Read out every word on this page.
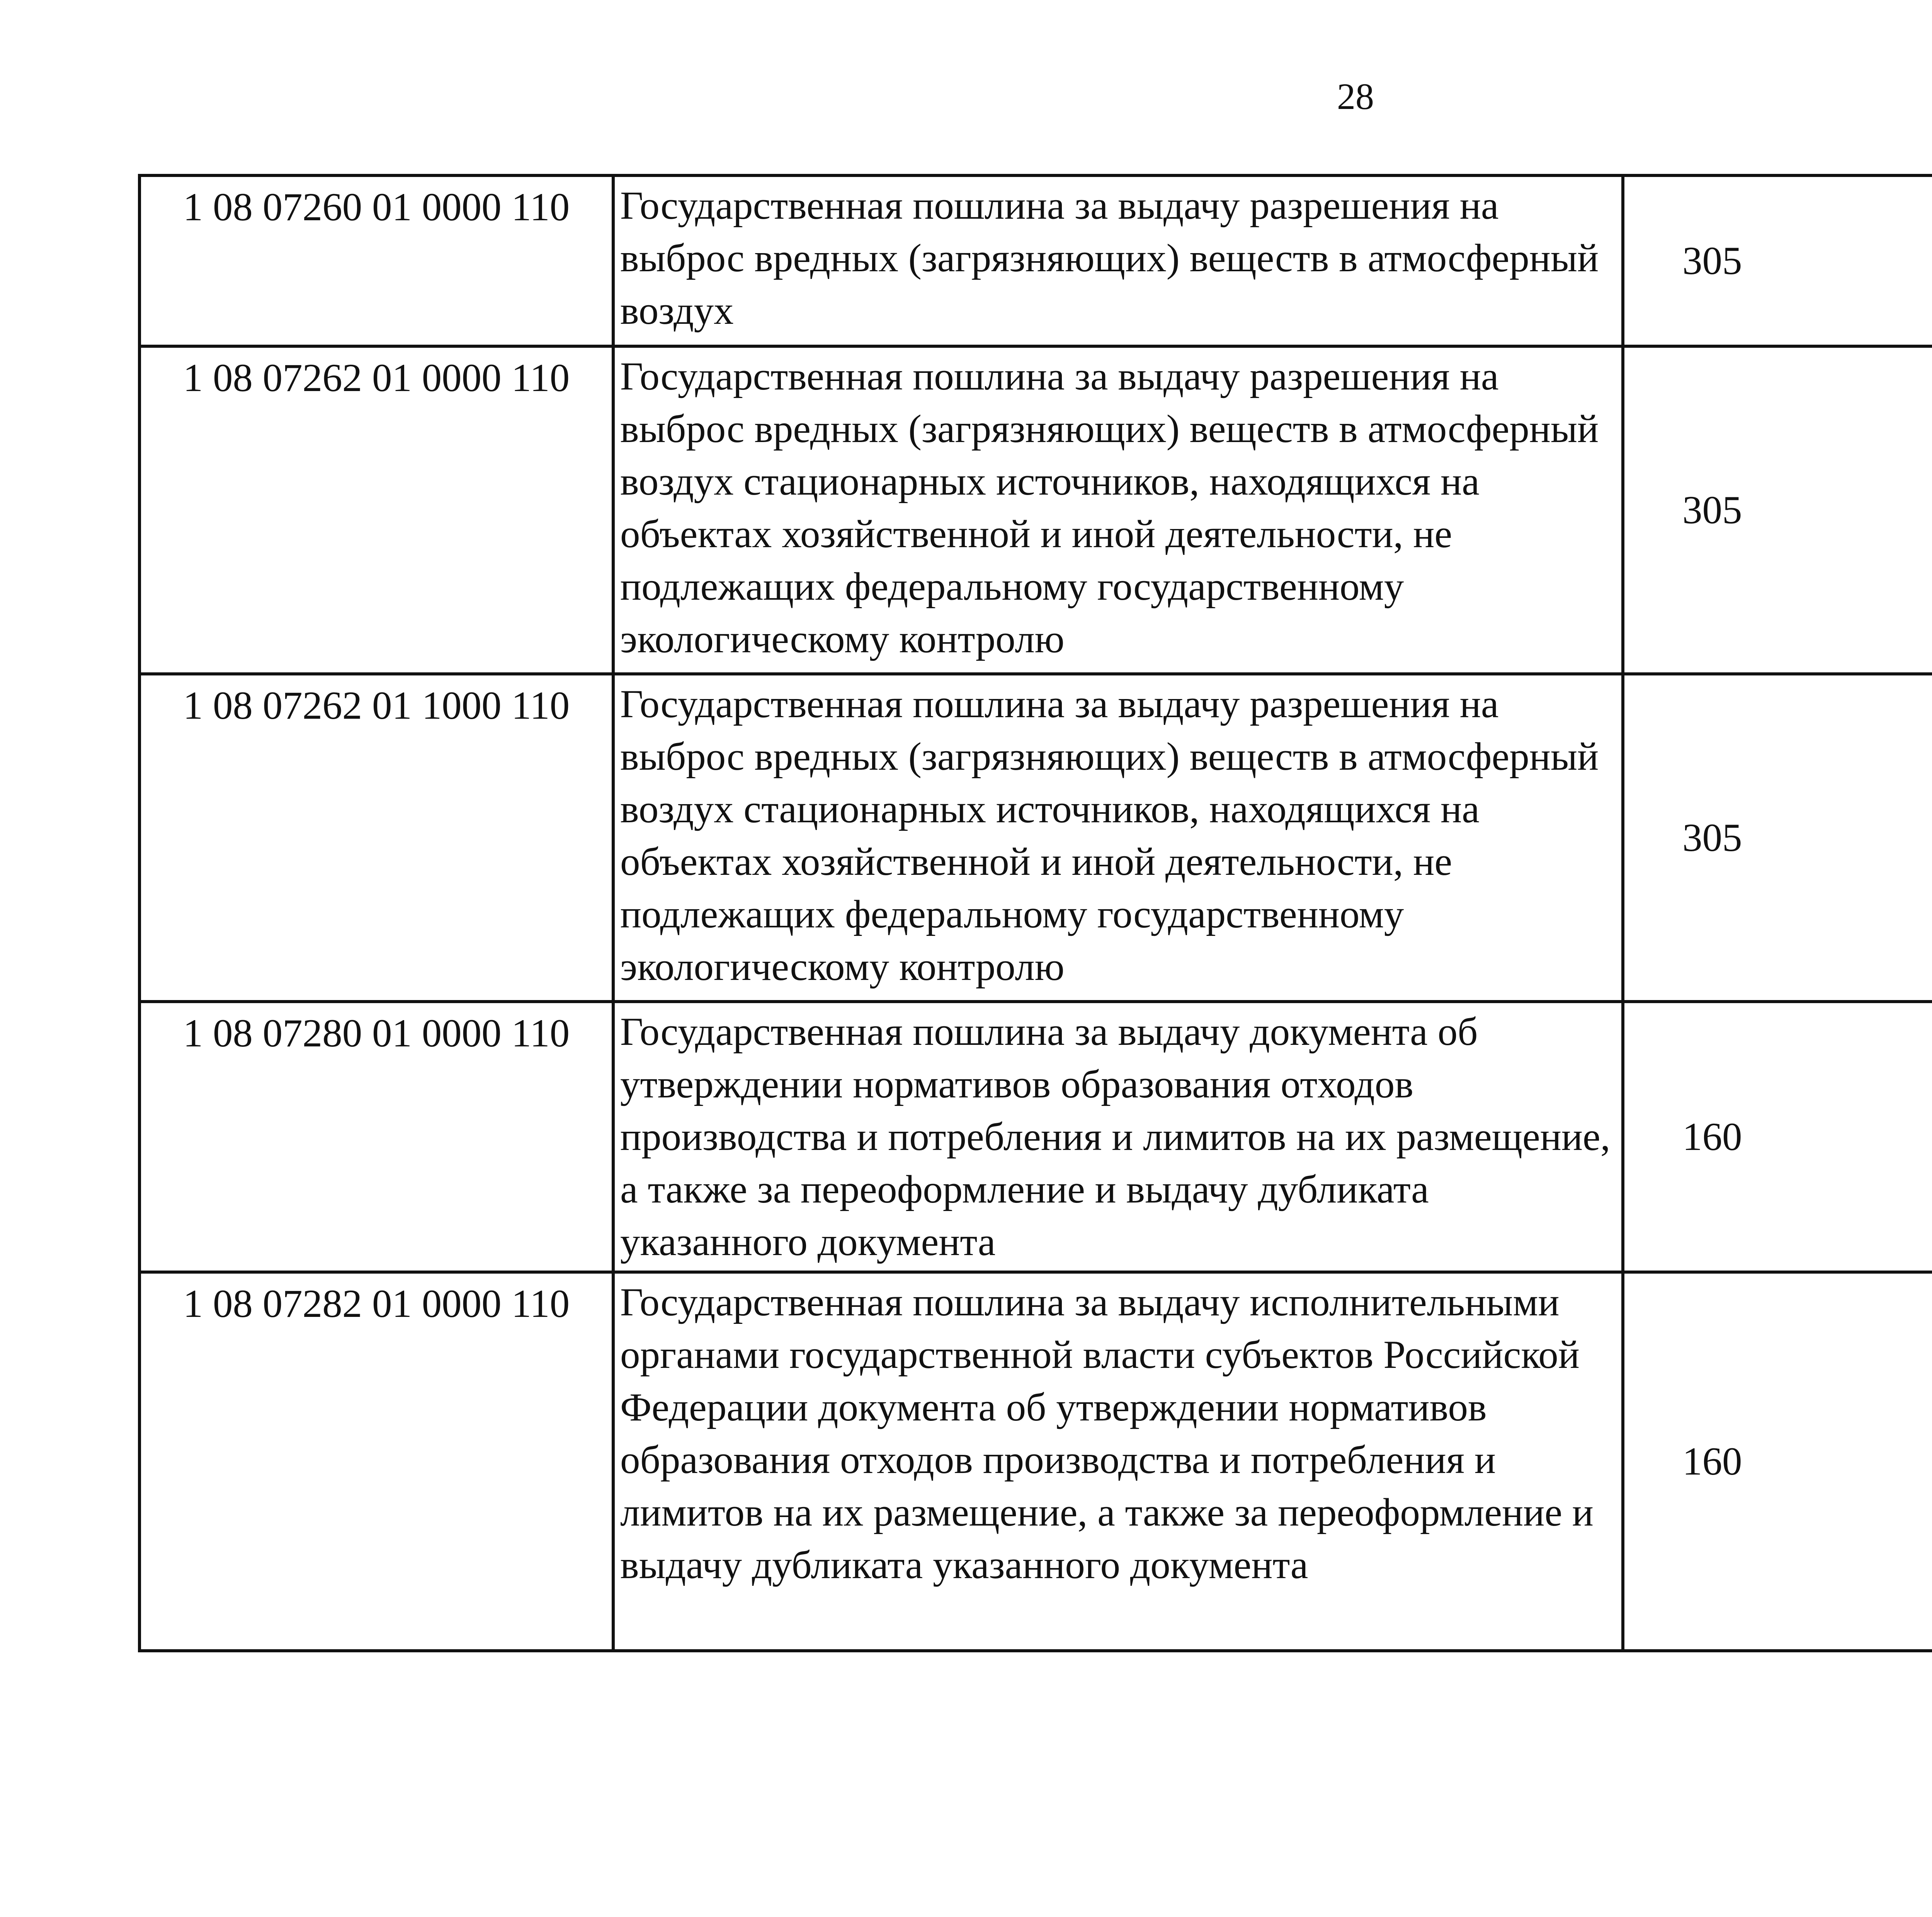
28
1 08 07260 01 0000 110	Государственная пошлина за выдачу разрешения на выброс вредных (загрязняющих) веществ в атмосферный воздух	305		
1 08 07262 01 0000 110	Государственная пошлина за выдачу разрешения на выброс вредных (загрязняющих) веществ в атмосферный воздух стационарных источников, находящихся на объектах хозяйственной и иной деятельности, не подлежащих федеральному государственному экологическому контролю	305		
1 08 07262 01 1000 110	Государственная пошлина за выдачу разрешения на выброс вредных (загрязняющих) веществ в атмосферный воздух стационарных источников, находящихся на объектах хозяйственной и иной деятельности, не подлежащих федеральному государственному экологическому контролю	305		
1 08 07280 01 0000 110	Государственная пошлина за выдачу документа об утверждении нормативов образования отходов производства и потребления и лимитов на их размещение, а также за переоформление и выдачу дубликата указанного документа	160		
1 08 07282 01 0000 110	Государственная пошлина за выдачу исполнительными органами государственной власти субъектов Российской Федерации документа об утверждении нормативов образования отходов производства и потребления и лимитов на их размещение, а также за переоформление и выдачу дубликата указанного документа	160		
